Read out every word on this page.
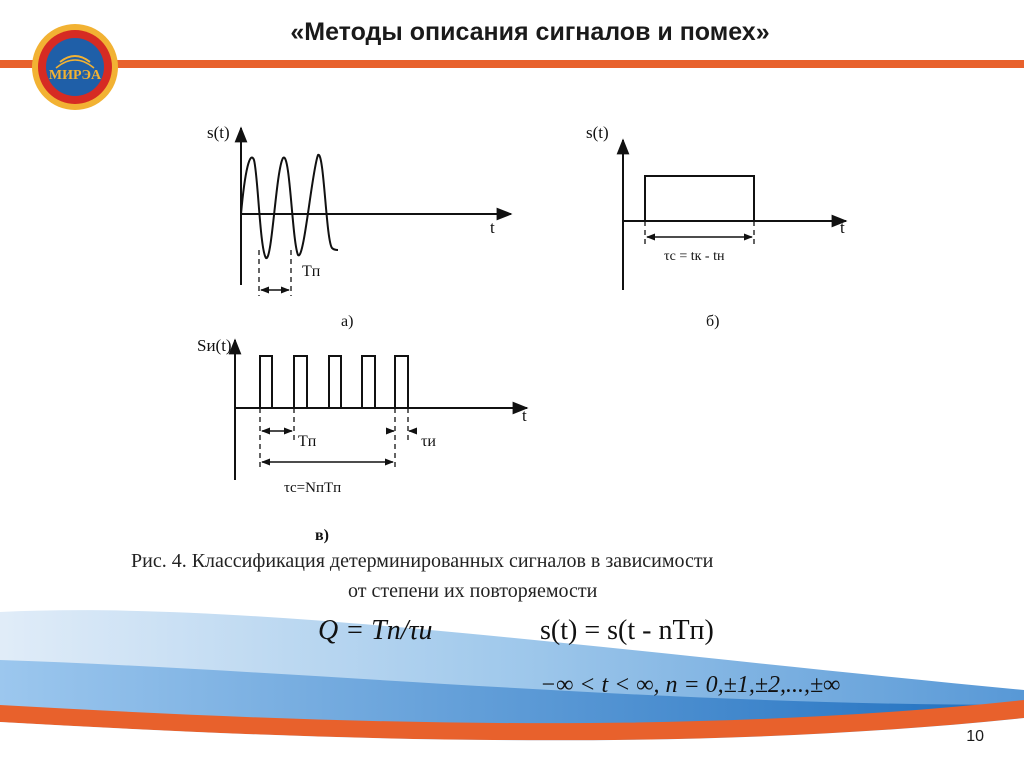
МИРЭА
«Методы описания сигналов и помех»
s(t)
t
Tп
а)
s(t)
t
τс = tк - tн
б)
Sи(t)
t
Tп	τи
τс=NпTп
в)
Рис. 4. Классификация детерминированных сигналов в зависимости
от степени их повторяемости
Q = Tп/τи	s(t) = s(t - nTп)
−∞ < t < ∞, n = 0,±1,±2,...,±∞
10
